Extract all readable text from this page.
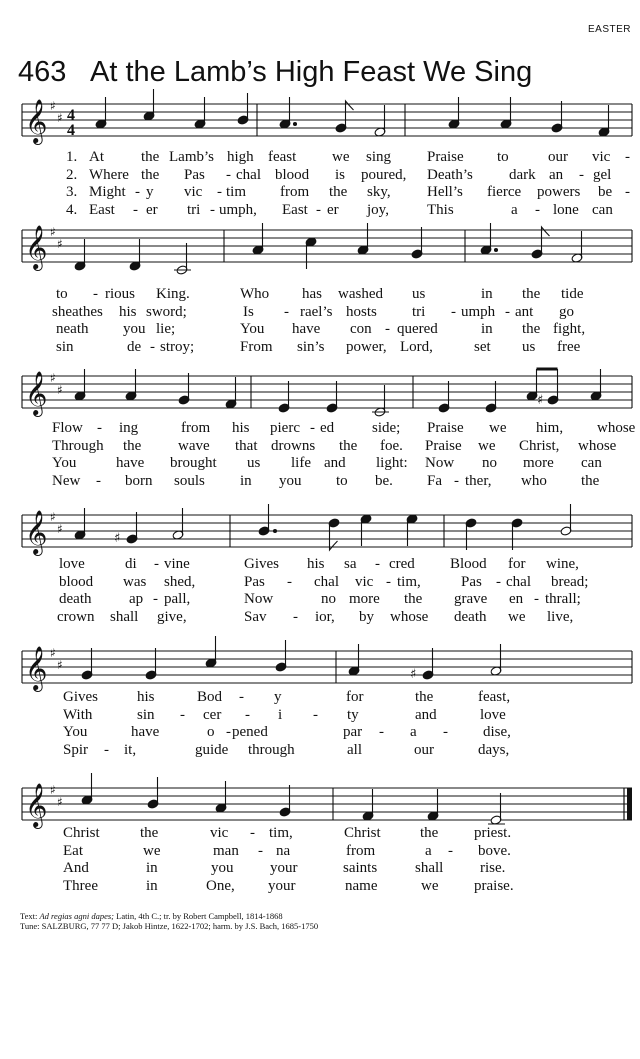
EASTER
463 At the Lamb’s High Feast We Sing
𝄞
𝄞
𝄞
𝄞
𝄞
𝄞
♯
♯
♯
♯
♯
♯
♯
♯
♯
♯
♯
♯
4
4
♯
♯
♯
1. At the Lamb’s high feast we sing Praise to	our vic -
2. Where the Pas - chal blood is poured, Death’s dark an - gel
3. Might - y vic - tim from the sky, Hell’s fierce powers be -
4. East - er tri - umph, East - er joy,	This	a - lone can
to - rious King.	Who has washed us	in the tide
sheathes his sword;	Is - rael’s hosts tri - umph - ant go
neath you lie;	You have con - quered	in the fight,
sin	de - stroy;	From sin’s power, Lord,	set us free
Flow - ing	from his pierc - ed	side; Praise we him, whose
Through the wave that drowns the foe. Praise we Christ, whose
You	have brought us life and light: Now no more can
New - born souls in you to be. Fa - ther, who the
love	di - vine	Gives his sa - cred Blood for wine,
blood was shed,	Pas - chal vic - tim,	Pas - chal bread;
death	ap - pall,	Now	no more the grave en - thrall;
crown shall give,	Sav - ior, by whose death we live,
Gives	his	Bod - y	for	the	feast,
With	sin - cer - i - ty	and	love
You	have	o - pened	par - a - dise,
Spir - it,	guide through	all	our	days,
Christ	the	vic - tim,	Christ	the priest.
Eat	we	man - na	from	a - bove.
And	in	you your	saints	shall rise.
Three	in	One, your	name	we praise.
Text: Ad regias agni dapes; Latin, 4th C.; tr. by Robert Campbell, 1814-1868
Tune: SALZBURG, 77 77 D; Jakob Hintze, 1622-1702; harm. by J.S. Bach, 1685-1750
